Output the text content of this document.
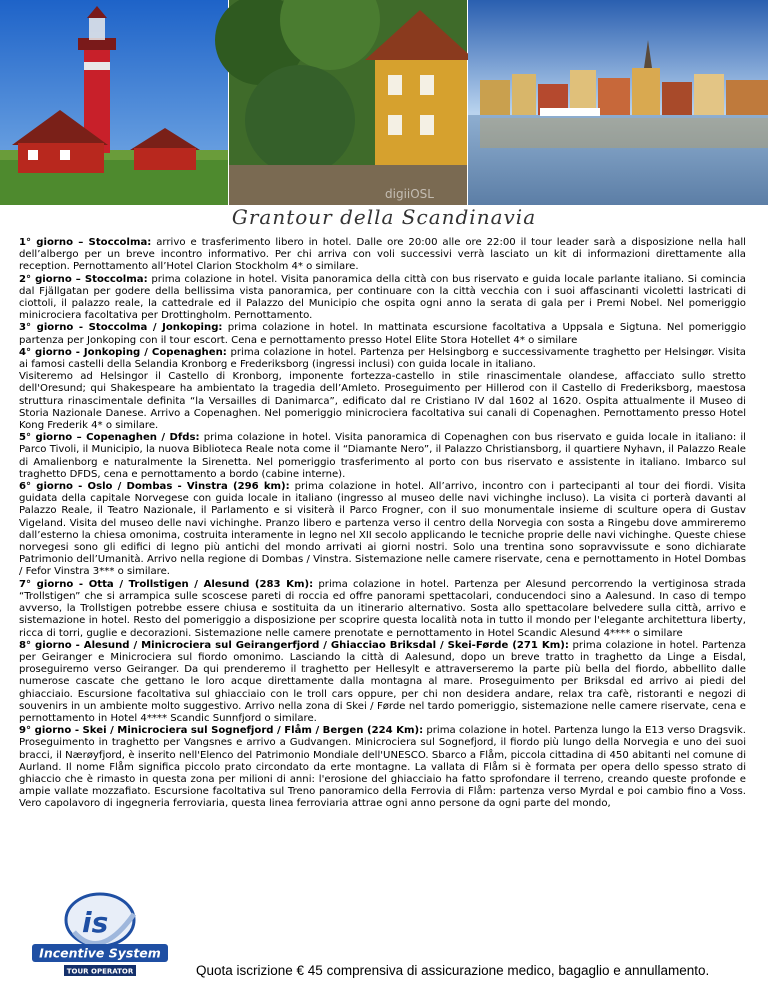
digiiOSL
Grantour della Scandinavia

1° giorno – Stoccolma: arrivo e trasferimento libero in hotel. Dalle ore 20:00 alle ore 22:00 il tour leader sarà a disposizione nella hall dell’albergo per un breve incontro informativo. Per chi arriva con voli successivi verrà lasciato un kit di informazioni direttamente alla reception. Pernottamento all’Hotel Clarion Stockholm 4* o similare.

2° giorno – Stoccolma: prima colazione in hotel. Visita panoramica della città con bus riservato e guida locale parlante italiano. Si comincia dal Fjällgatan per godere della bellissima vista panoramica, per continuare con la città vecchia con i suoi affascinanti vicoletti lastricati di ciottoli, il palazzo reale, la cattedrale ed il Palazzo del Municipio che ospita ogni anno la serata di gala per i Premi Nobel. Nel pomeriggio minicrociera facoltativa per Drottingholm. Pernottamento.

3° giorno - Stoccolma / Jonkoping: prima colazione in hotel. In mattinata escursione facoltativa a Uppsala e Sigtuna. Nel pomeriggio partenza per Jonkoping con il tour escort. Cena e pernottamento presso Hotel Elite Stora Hotellet 4* o similare

4° giorno - Jonkoping / Copenaghen: prima colazione in hotel. Partenza per Helsingborg e successivamente traghetto per Helsingør. Visita ai famosi castelli della Selandia Kronborg e Frederiksborg (ingressi inclusi) con guida locale in italiano.

Visiteremo ad Helsingor il Castello di Kronborg, imponente fortezza-castello in stile rinascimentale olandese, affacciato sullo stretto dell'Oresund; qui Shakespeare ha ambientato la tragedia dell’Amleto. Proseguimento per Hillerod con il Castello di Frederiksborg, maestosa struttura rinascimentale definita “la Versailles di Danimarca”, edificato dal re Cristiano IV dal 1602 al 1620. Ospita attualmente il Museo di Storia Nazionale Danese. Arrivo a Copenaghen. Nel pomeriggio minicrociera facoltativa sui canali di Copenaghen. Pernottamento presso Hotel Kong Frederik 4* o similare.

5° giorno – Copenaghen / Dfds: prima colazione in hotel. Visita panoramica di Copenaghen con bus riservato e guida locale in italiano: il Parco Tivoli, il Municipio, la nuova Biblioteca Reale nota come il “Diamante Nero”, il Palazzo Christiansborg, il quartiere Nyhavn, il Palazzo Reale di Amalienborg e naturalmente la Sirenetta. Nel pomeriggio trasferimento al porto con bus riservato e assistente in italiano. Imbarco sul traghetto DFDS, cena e pernottamento a bordo (cabine interne).

6° giorno - Oslo / Dombas - Vinstra (296 km): prima colazione in hotel. All’arrivo, incontro con i partecipanti al tour dei fiordi. Visita guidata della capitale Norvegese con guida locale in italiano (ingresso al museo delle navi vichinghe incluso). La visita ci porterà davanti al Palazzo Reale, il Teatro Nazionale, il Parlamento e si visiterà il Parco Frogner, con il suo monumentale insieme di sculture opera di Gustav Vigeland. Visita del museo delle navi vichinghe. Pranzo libero e partenza verso il centro della Norvegia con sosta a Ringebu dove ammireremo dall’esterno la chiesa omonima, costruita interamente in legno nel XII secolo applicando le tecniche proprie delle navi vichinghe. Queste chiese norvegesi sono gli edifici di legno più antichi del mondo arrivati ai giorni nostri. Solo una trentina sono sopravvissute e sono dichiarate Patrimonio dell’Umanità. Arrivo nella regione di Dombas / Vinstra. Sistemazione nelle camere riservate, cena e pernottamento in Hotel Dombas / Fefor Vinstra 3*** o similare.

7° giorno - Otta / Trollstigen / Alesund (283 Km): prima colazione in hotel. Partenza per Alesund percorrendo la vertiginosa strada “Trollstigen” che si arrampica sulle scoscese pareti di roccia ed offre panorami spettacolari, conducendoci sino a Aalesund. In caso di tempo avverso, la Trollstigen potrebbe essere chiusa e sostituita da un itinerario alternativo. Sosta allo spettacolare belvedere sulla città, arrivo e sistemazione in hotel. Resto del pomeriggio a disposizione per scoprire questa località nota in tutto il mondo per l'elegante architettura liberty, ricca di torri, guglie e decorazioni. Sistemazione nelle camere prenotate e pernottamento in Hotel Scandic Alesund 4**** o similare

8° giorno - Alesund / Minicrociera sul Geirangerfjord / Ghiacciao Briksdal / Skei-Førde (271 Km): prima colazione in hotel. Partenza per Geiranger e Minicrociera sul fiordo omonimo. Lasciando la città di Aalesund, dopo un breve tratto in traghetto da Linge a Eisdal, proseguiremo verso Geiranger. Da qui prenderemo il traghetto per Hellesylt e attraverseremo la parte più bella del fiordo, abbellito dalle numerose cascate che gettano le loro acque direttamente dalla montagna al mare. Proseguimento per Briksdal ed arrivo ai piedi del ghiacciaio. Escursione facoltativa sul ghiacciaio con le troll cars oppure, per chi non desidera andare, relax tra cafè, ristoranti e negozi di souvenirs in un ambiente molto suggestivo. Arrivo nella zona di Skei / Førde nel tardo pomeriggio, sistemazione nelle camere riservate, cena e pernottamento in Hotel 4**** Scandic Sunnfjord o similare.

9° giorno - Skei / Minicrociera sul Sognefjord / Flåm / Bergen (224 Km): prima colazione in hotel. Partenza lungo la E13 verso Dragsvik. Proseguimento in traghetto per Vangsnes e arrivo a Gudvangen. Minicrociera sul Sognefjord, il fiordo più lungo della Norvegia e uno dei suoi bracci, il Nærøyfjord, è inserito nell'Elenco del Patrimonio Mondiale dell'UNESCO. Sbarco a Flåm, piccola cittadina di 450 abitanti nel comune di Aurland. Il nome Flåm significa piccolo prato circondato da erte montagne. La vallata di Flåm si è formata per opera dello spesso strato di ghiaccio che è rimasto in questa zona per milioni di anni: l'erosione del ghiacciaio ha fatto sprofondare il terreno, creando queste profonde e ampie vallate mozzafiato. Escursione facoltativa sul Treno panoramico della Ferrovia di Flåm: partenza verso Myrdal e poi cambio fino a Voss. Vero capolavoro di ingegneria ferroviaria, questa linea ferroviaria attrae ogni anno persone da ogni parte del mondo,

is
Incentive System
TOUR OPERATOR	Quota iscrizione € 45 comprensiva di assicurazione medico, bagaglio e annullamento.
